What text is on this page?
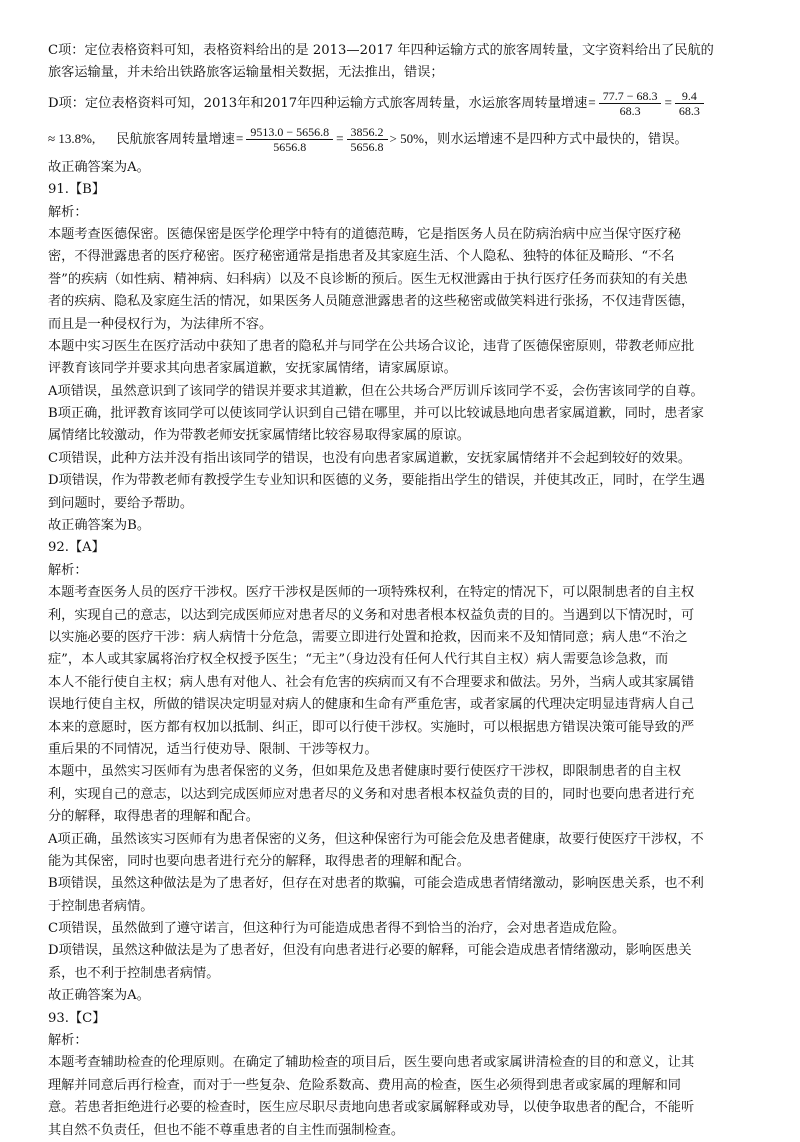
C项：定位表格资料可知，表格资料给出的是 2013—2017 年四种运输方式的旅客周转量，文字资料给出了民航的
旅客运输量，并未给出铁路旅客运输量相关数据，无法推出，错误；
D项：定位表格资料可知，2013年和2017年四种运输方式旅客周转量，水运旅客周转量增速= $\frac{77.7 - 68.3}{68.3} = \frac{9.4}{68.3}$
≈ 13.8%, 民航旅客周转量增速= $\frac{9513.0 - 5656.8}{5656.8} = \frac{3856.2}{5656.8} > 50\%$，则水运增速不是四种方式中最快的，错误。
故正确答案为A。
91.【B】
解析：
本题考查医德保密。医德保密是医学伦理学中特有的道德范畴，它是指医务人员在防病治病中应当保守医疗秘
密，不得泄露患者的医疗秘密。医疗秘密通常是指患者及其家庭生活、个人隐私、独特的体征及畸形、“不名
誉”的疾病（如性病、精神病、妇科病）以及不良诊断的预后。医生无权泄露由于执行医疗任务而获知的有关患
者的疾病、隐私及家庭生活的情况，如果医务人员随意泄露患者的这些秘密或做笑料进行张扬，不仅违背医德，
而且是一种侵权行为，为法律所不容。
本题中实习医生在医疗活动中获知了患者的隐私并与同学在公共场合议论，违背了医德保密原则，带教老师应批
评教育该同学并要求其向患者家属道歉，安抚家属情绪，请家属原谅。
A项错误，虽然意识到了该同学的错误并要求其道歉，但在公共场合严厉训斥该同学不妥，会伤害该同学的自尊。
B项正确，批评教育该同学可以使该同学认识到自己错在哪里，并可以比较诚恳地向患者家属道歉，同时，患者家
属情绪比较激动，作为带教老师安抚家属情绪比较容易取得家属的原谅。
C项错误，此种方法并没有指出该同学的错误，也没有向患者家属道歉，安抚家属情绪并不会起到较好的效果。
D项错误，作为带教老师有教授学生专业知识和医德的义务，要能指出学生的错误，并使其改正，同时，在学生遇
到问题时，要给予帮助。
故正确答案为B。
92.【A】
解析：
本题考查医务人员的医疗干涉权。医疗干涉权是医师的一项特殊权利，在特定的情况下，可以限制患者的自主权
利，实现自己的意志，以达到完成医师应对患者尽的义务和对患者根本权益负责的目的。当遇到以下情况时，可
以实施必要的医疗干涉：病人病情十分危急，需要立即进行处置和抢救，因而来不及知情同意；病人患“不治之
症”，本人或其家属将治疗权全权授予医生；“无主”（身边没有任何人代行其自主权）病人需要急诊急救，而
本人不能行使自主权；病人患有对他人、社会有危害的疾病而又有不合理要求和做法。另外，当病人或其家属错
误地行使自主权，所做的错误决定明显对病人的健康和生命有严重危害，或者家属的代理决定明显违背病人自己
本来的意愿时，医方都有权加以抵制、纠正，即可以行使干涉权。实施时，可以根据患方错误决策可能导致的严
重后果的不同情况，适当行使劝导、限制、干涉等权力。
本题中，虽然实习医师有为患者保密的义务，但如果危及患者健康时要行使医疗干涉权，即限制患者的自主权
利，实现自己的意志，以达到完成医师应对患者尽的义务和对患者根本权益负责的目的，同时也要向患者进行充
分的解释，取得患者的理解和配合。
A项正确，虽然该实习医师有为患者保密的义务，但这种保密行为可能会危及患者健康，故要行使医疗干涉权，不
能为其保密，同时也要向患者进行充分的解释，取得患者的理解和配合。
B项错误，虽然这种做法是为了患者好，但存在对患者的欺骗，可能会造成患者情绪激动，影响医患关系，也不利
于控制患者病情。
C项错误，虽然做到了遵守诺言，但这种行为可能造成患者得不到恰当的治疗，会对患者造成危险。
D项错误，虽然这种做法是为了患者好，但没有向患者进行必要的解释，可能会造成患者情绪激动，影响医患关
系，也不利于控制患者病情。
故正确答案为A。
93.【C】
解析：
本题考查辅助检查的伦理原则。在确定了辅助检查的项目后，医生要向患者或家属讲清检查的目的和意义，让其
理解并同意后再行检查，而对于一些复杂、危险系数高、费用高的检查，医生必须得到患者或家属的理解和同
意。若患者拒绝进行必要的检查时，医生应尽职尽责地向患者或家属解释或劝导，以使争取患者的配合，不能听
其自然不负责任，但也不能不尊重患者的自主性而强制检查。
